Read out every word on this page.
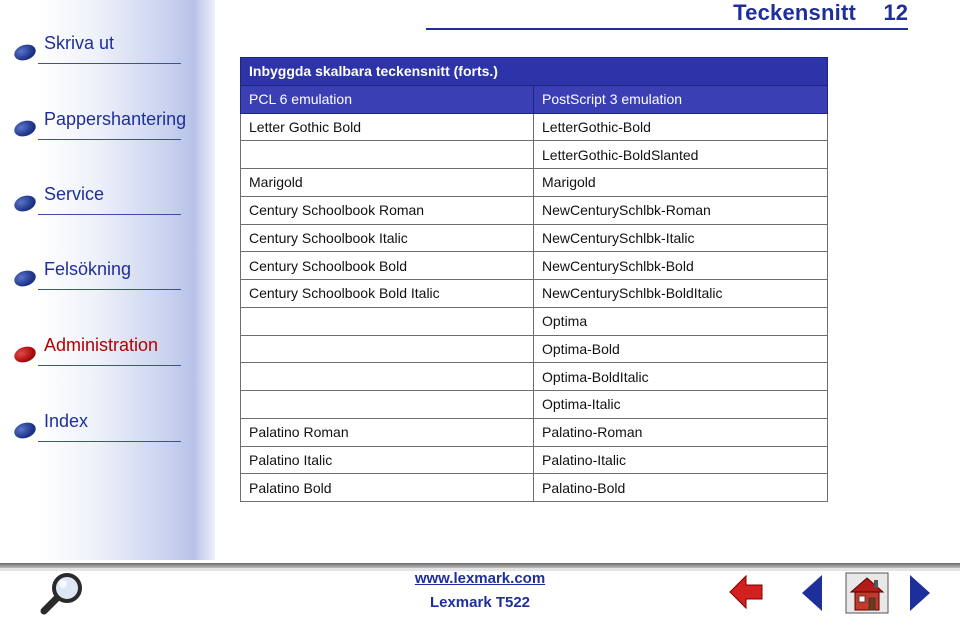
Skriva ut
Pappershantering
Service
Felsökning
Administration
Index
Teckensnitt 12
Inbyggda skalbara teckensnitt (forts.)	
PCL 6 emulation	PostScript 3 emulation
Letter Gothic Bold	LetterGothic-Bold
	LetterGothic-BoldSlanted
Marigold	Marigold
Century Schoolbook Roman	NewCenturySchlbk-Roman
Century Schoolbook Italic	NewCenturySchlbk-Italic
Century Schoolbook Bold	NewCenturySchlbk-Bold
Century Schoolbook Bold Italic	NewCenturySchlbk-BoldItalic
	Optima
	Optima-Bold
	Optima-BoldItalic
	Optima-Italic
Palatino Roman	Palatino-Roman
Palatino Italic	Palatino-Italic
Palatino Bold	Palatino-Bold
www.lexmark.com
Lexmark T522
